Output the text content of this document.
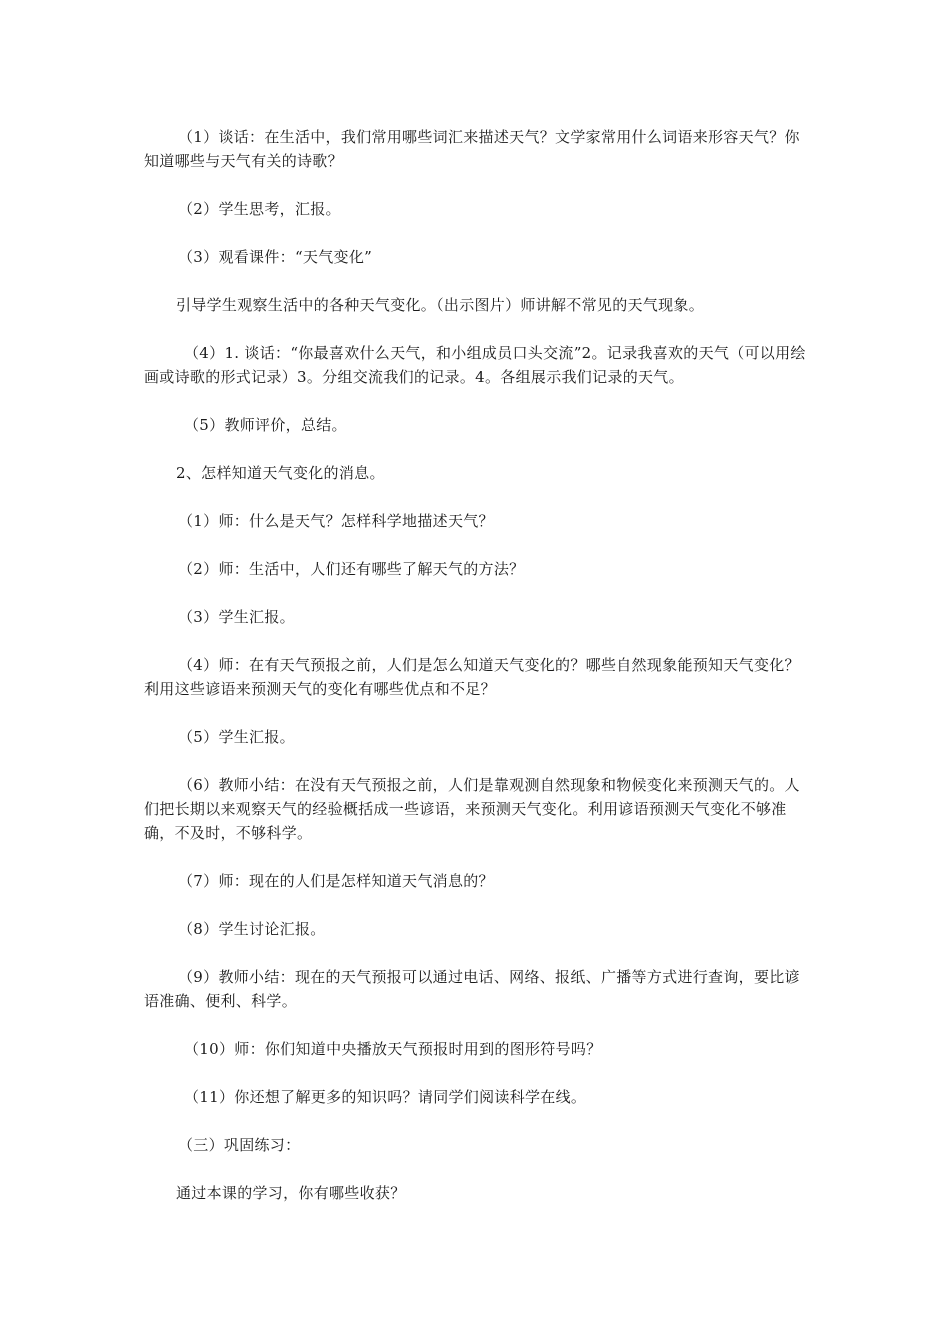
（1）谈话：在生活中，我们常用哪些词汇来描述天气？文学家常用什么词语来形容天气？你知道哪些与天气有关的诗歌？

（2）学生思考，汇报。

（3）观看课件：“天气变化”

引导学生观察生活中的各种天气变化。（出示图片）师讲解不常见的天气现象。

（4）1. 谈话：“你最喜欢什么天气，和小组成员口头交流”2。记录我喜欢的天气（可以用绘画或诗歌的形式记录）3。分组交流我们的记录。4。各组展示我们记录的天气。

（5）教师评价，总结。

2、怎样知道天气变化的消息。

（1）师：什么是天气？怎样科学地描述天气？

（2）师：生活中，人们还有哪些了解天气的方法？

（3）学生汇报。

（4）师：在有天气预报之前，人们是怎么知道天气变化的？哪些自然现象能预知天气变化？利用这些谚语来预测天气的变化有哪些优点和不足？

（5）学生汇报。

（6）教师小结：在没有天气预报之前，人们是靠观测自然现象和物候变化来预测天气的。人们把长期以来观察天气的经验概括成一些谚语，来预测天气变化。利用谚语预测天气变化不够准确，不及时，不够科学。

（7）师：现在的人们是怎样知道天气消息的？

（8）学生讨论汇报。

（9）教师小结：现在的天气预报可以通过电话、网络、报纸、广播等方式进行查询，要比谚语准确、便利、科学。

（10）师：你们知道中央播放天气预报时用到的图形符号吗？

（11）你还想了解更多的知识吗？请同学们阅读科学在线。

（三）巩固练习：

通过本课的学习，你有哪些收获？
